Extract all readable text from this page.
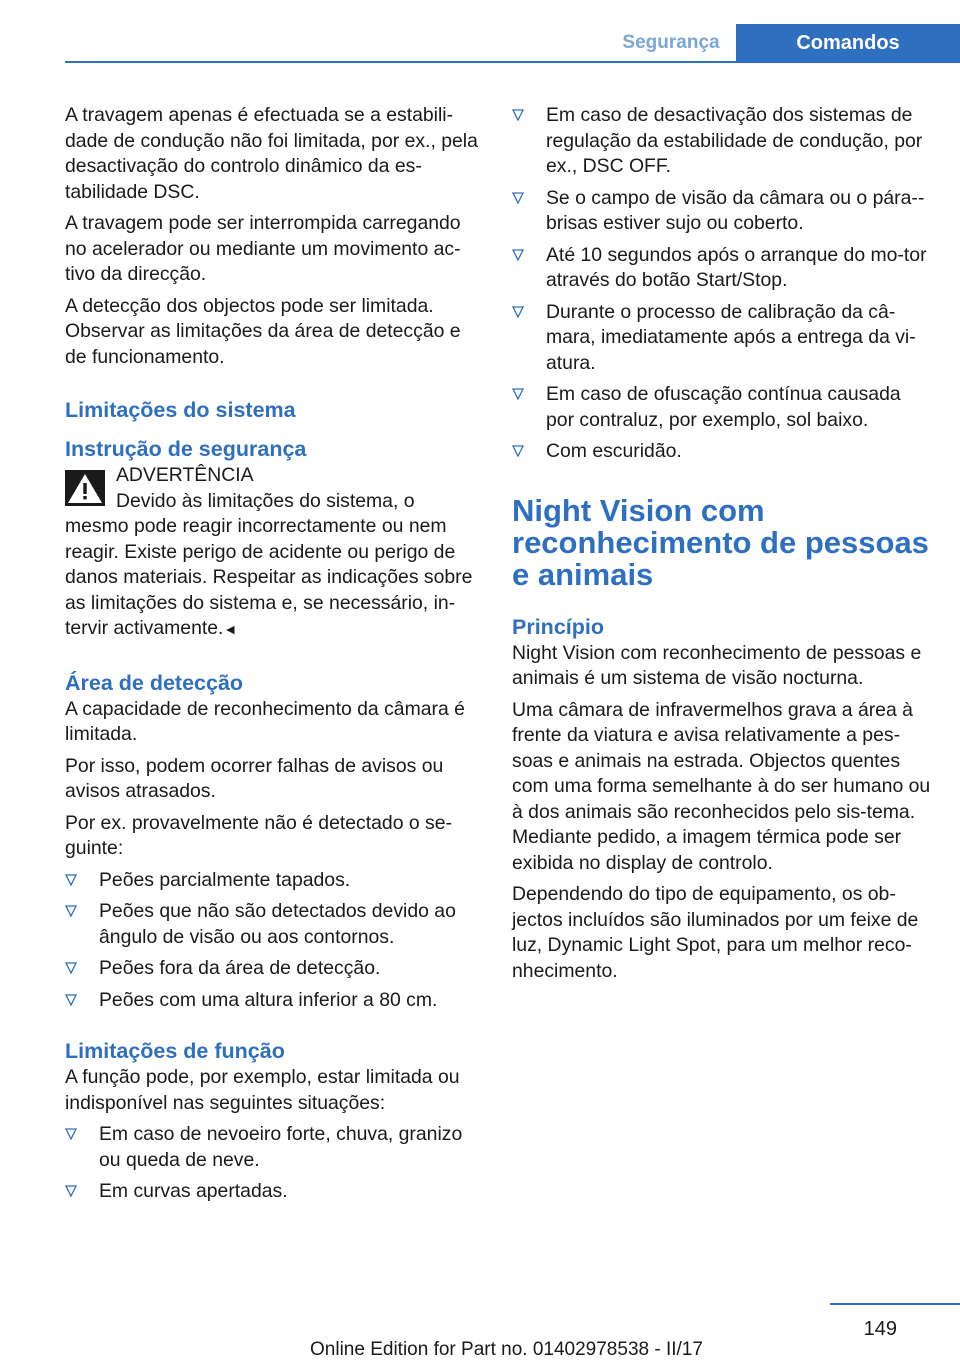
Segurança	Comandos

A travagem apenas é efectuada se a estabili-dade de condução não foi limitada, por ex., pela desactivação do controlo dinâmico da es-tabilidade DSC.

A travagem pode ser interrompida carregando no acelerador ou mediante um movimento ac-tivo da direcção.

A detecção dos objectos pode ser limitada. Observar as limitações da área de detecção e de funcionamento.

Limitações do sistema
Instrução de segurança
ADVERTÊNCIA
Devido às limitações do sistema, o
mesmo pode reagir incorrectamente ou nem reagir. Existe perigo de acidente ou perigo de danos materiais. Respeitar as indicações sobre as limitações do sistema e, se necessário, in-tervir activamente.◄
Área de detecção

A capacidade de reconhecimento da câmara é limitada.

Por isso, podem ocorrer falhas de avisos ou avisos atrasados.

Por ex. provavelmente não é detectado o se-guinte:

Peões parcialmente tapados.
Peões que não são detectados devido ao ângulo de visão ou aos contornos.
Peões fora da área de detecção.
Peões com uma altura inferior a 80 cm.
Limitações de função

A função pode, por exemplo, estar limitada ou indisponível nas seguintes situações:

Em caso de nevoeiro forte, chuva, granizo ou queda de neve.
Em curvas apertadas.
Em caso de desactivação dos sistemas de regulação da estabilidade de condução, por ex., DSC OFF.
Se o campo de visão da câmara ou o pára--brisas estiver sujo ou coberto.
Até 10 segundos após o arranque do mo-tor através do botão Start/Stop.
Durante o processo de calibração da câ-mara, imediatamente após a entrega da vi-atura.
Em caso de ofuscação contínua causada por contraluz, por exemplo, sol baixo.
Com escuridão.
Night Vision com reconhecimento de pessoas e animais
Princípio

Night Vision com reconhecimento de pessoas e animais é um sistema de visão nocturna.

Uma câmara de infravermelhos grava a área à frente da viatura e avisa relativamente a pes-soas e animais na estrada. Objectos quentes com uma forma semelhante à do ser humano ou à dos animais são reconhecidos pelo sis-tema. Mediante pedido, a imagem térmica pode ser exibida no display de controlo.

Dependendo do tipo de equipamento, os ob-jectos incluídos são iluminados por um feixe de luz, Dynamic Light Spot, para um melhor reco-nhecimento.

149
Online Edition for Part no. 01402978538 - II/17
